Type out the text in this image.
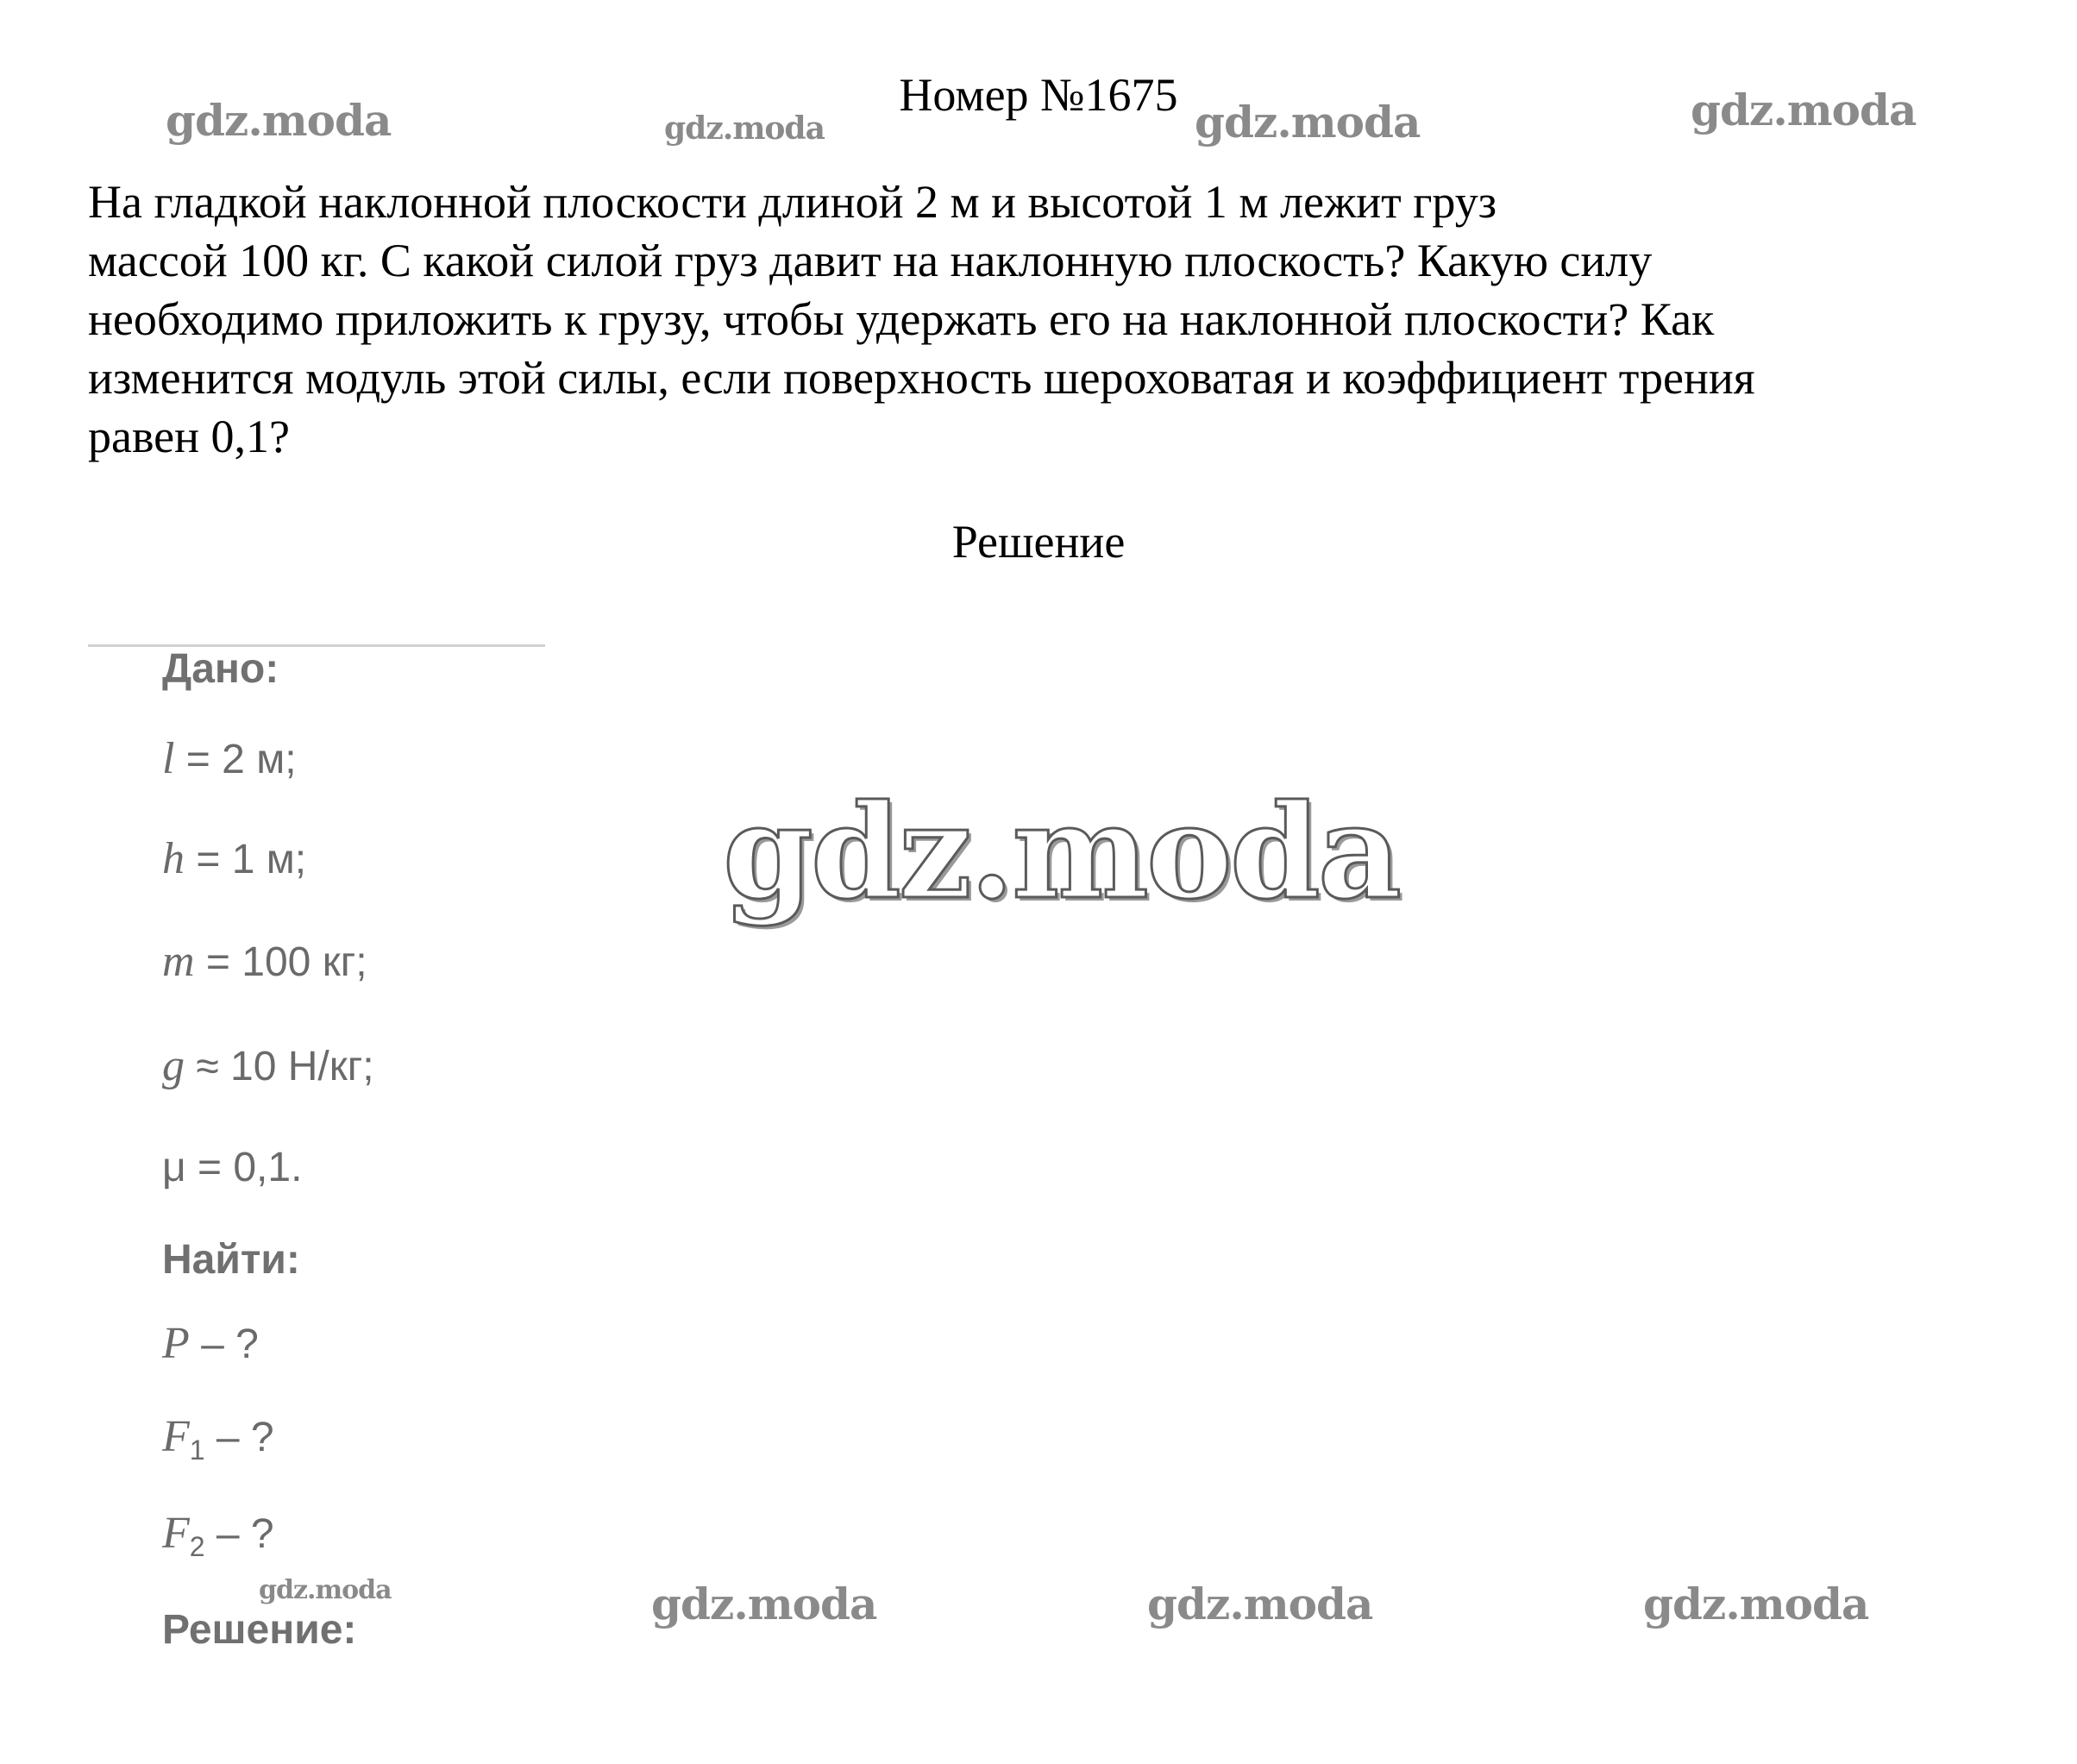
Номер №1675
На гладкой наклонной плоскости длиной 2 м и высотой 1 м лежит груз
массой 100 кг. С какой силой груз давит на наклонную плоскость? Какую силу
необходимо приложить к грузу, чтобы удержать его на наклонной плоскости? Как
изменится модуль этой силы, если поверхность шероховатая и коэффициент трения
равен 0,1?
Решение
Дано:
l = 2 м;
h = 1 м;
m = 100 кг;
g ≈ 10 Н/кг;
μ = 0,1.
Найти:
P – ?
$F_1$ – ?
$F_2$ – ?
Решение:
gdz.moda	gdz.moda	gdz.moda	gdz.moda
gdz.moda
gdz.moda	gdz.moda	gdz.moda	gdz.moda
